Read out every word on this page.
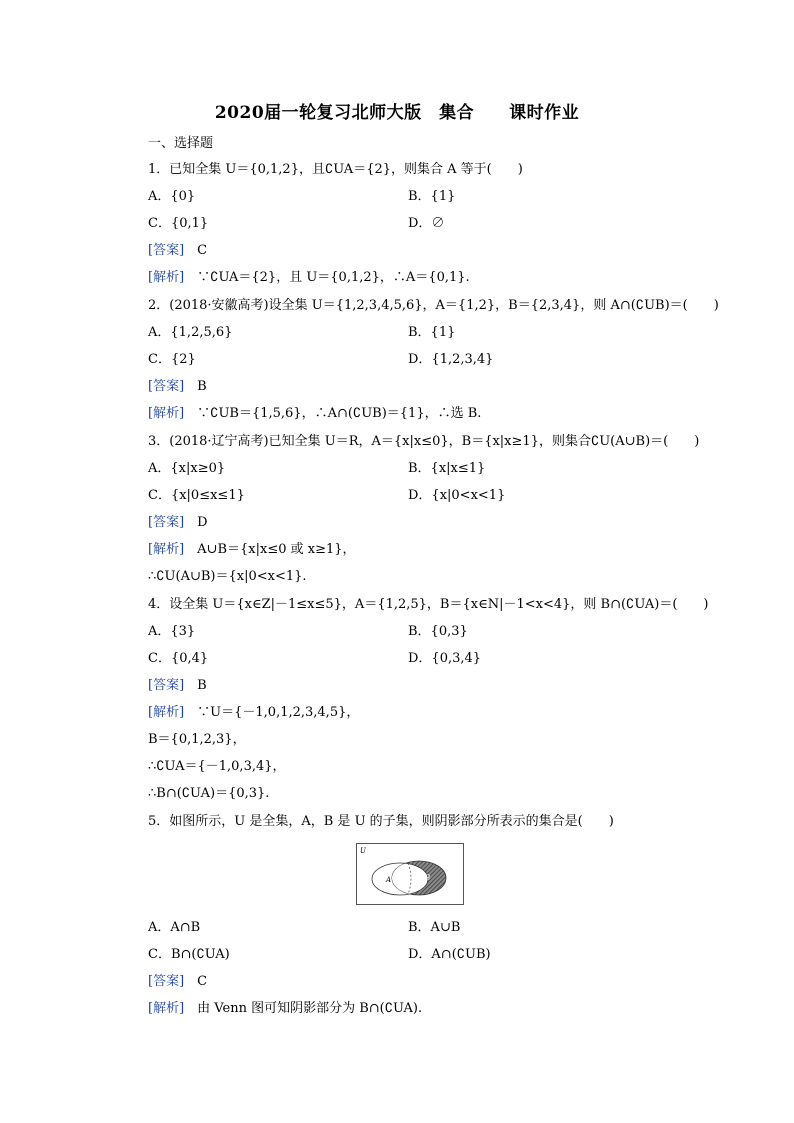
2020届一轮复习北师大版　集合　　课时作业
一、选择题
1．已知全集 U＝{0,1,2}，且∁UA＝{2}，则集合 A 等于(　　)
A．{0}	B．{1}
C．{0,1}	D．∅
[答案]　 C
[解析]　 ∵∁UA＝{2}，且 U＝{0,1,2}，∴A＝{0,1}.
2．(2018·安徽高考)设全集 U＝{1,2,3,4,5,6}，A＝{1,2}，B＝{2,3,4}，则 A∩(∁UB)＝(　　)
A．{1,2,5,6}	B．{1}
C．{2}	D．{1,2,3,4}
[答案]　 B
[解析]　 ∵∁UB＝{1,5,6}，∴A∩(∁UB)＝{1}，∴选 B.
3．(2018·辽宁高考)已知全集 U＝R，A＝{x|x≤0}，B＝{x|x≥1}，则集合∁U(A∪B)＝(　　)
A．{x|x≥0}	B．{x|x≤1}
C．{x|0≤x≤1}	D．{x|0<x<1}
[答案]　 D
[解析]　 A∪B＝{x|x≤0 或 x≥1}，
∴∁U(A∪B)＝{x|0<x<1}.
4．设全集 U＝{x∈Z|－1≤x≤5}，A＝{1,2,5}，B＝{x∈N|－1<x<4}，则 B∩(∁UA)＝(　　)
A．{3}	B．{0,3}
C．{0,4}	D．{0,3,4}
[答案]　 B
[解析]　 ∵U＝{－1,0,1,2,3,4,5}，
B＝{0,1,2,3}，
∴∁UA＝{－1,0,3,4}，
∴B∩(∁UA)＝{0,3}.
5．如图所示，U 是全集，A，B 是 U 的子集，则阴影部分所表示的集合是(　　)
U
A	B
A．A∩B	B．A∪B
C．B∩(∁UA)	D．A∩(∁UB)
[答案]　 C
[解析]　 由 Venn 图可知阴影部分为 B∩(∁UA).
